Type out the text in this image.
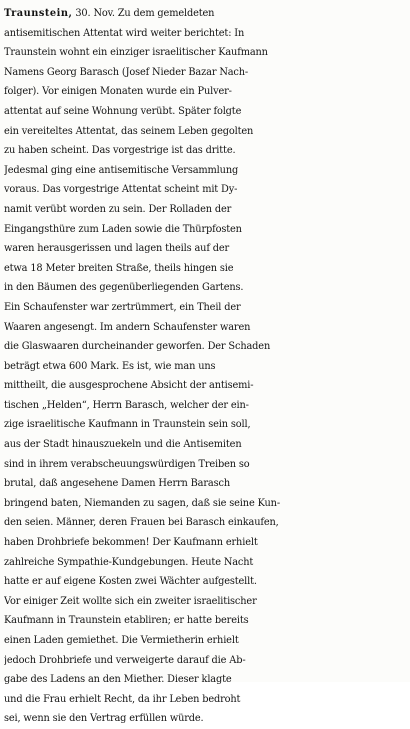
Traunstein, 30. Nov. Zu dem gemeldeten
antisemitischen Attentat wird weiter berichtet: In
Traunstein wohnt ein einziger israelitischer Kaufmann
Namens Georg Barasch (Josef Nieder Bazar Nach-
folger). Vor einigen Monaten wurde ein Pulver-
attentat auf seine Wohnung verübt. Später folgte
ein vereiteltes Attentat, das seinem Leben gegolten
zu haben scheint. Das vorgestrige ist das dritte.
Jedesmal ging eine antisemitische Versammlung
voraus. Das vorgestrige Attentat scheint mit Dy-
namit verübt worden zu sein. Der Rolladen der
Eingangsthüre zum Laden sowie die Thürpfosten
waren herausgerissen und lagen theils auf der
etwa 18 Meter breiten Straße, theils hingen sie
in den Bäumen des gegenüberliegenden Gartens.
Ein Schaufenster war zertrümmert, ein Theil der
Waaren angesengt. Im andern Schaufenster waren
die Glaswaaren durcheinander geworfen. Der Schaden
beträgt etwa 600 Mark. Es ist, wie man uns
mittheilt, die ausgesprochene Absicht der antisemi-
tischen „Helden“, Herrn Barasch, welcher der ein-
zige israelitische Kaufmann in Traunstein sein soll,
aus der Stadt hinauszuekeln und die Antisemiten
sind in ihrem verabscheuungswürdigen Treiben so
brutal, daß angesehene Damen Herrn Barasch
bringend baten, Niemanden zu sagen, daß sie seine Kun-
den seien. Männer, deren Frauen bei Barasch einkaufen,
haben Drohbriefe bekommen! Der Kaufmann erhielt
zahlreiche Sympathie-Kundgebungen. Heute Nacht
hatte er auf eigene Kosten zwei Wächter aufgestellt.
Vor einiger Zeit wollte sich ein zweiter israelitischer
Kaufmann in Traunstein etabliren; er hatte bereits
einen Laden gemiethet. Die Vermietherin erhielt
jedoch Drohbriefe und verweigerte darauf die Ab-
gabe des Ladens an den Miether. Dieser klagte
und die Frau erhielt Recht, da ihr Leben bedroht
sei, wenn sie den Vertrag erfüllen würde.
